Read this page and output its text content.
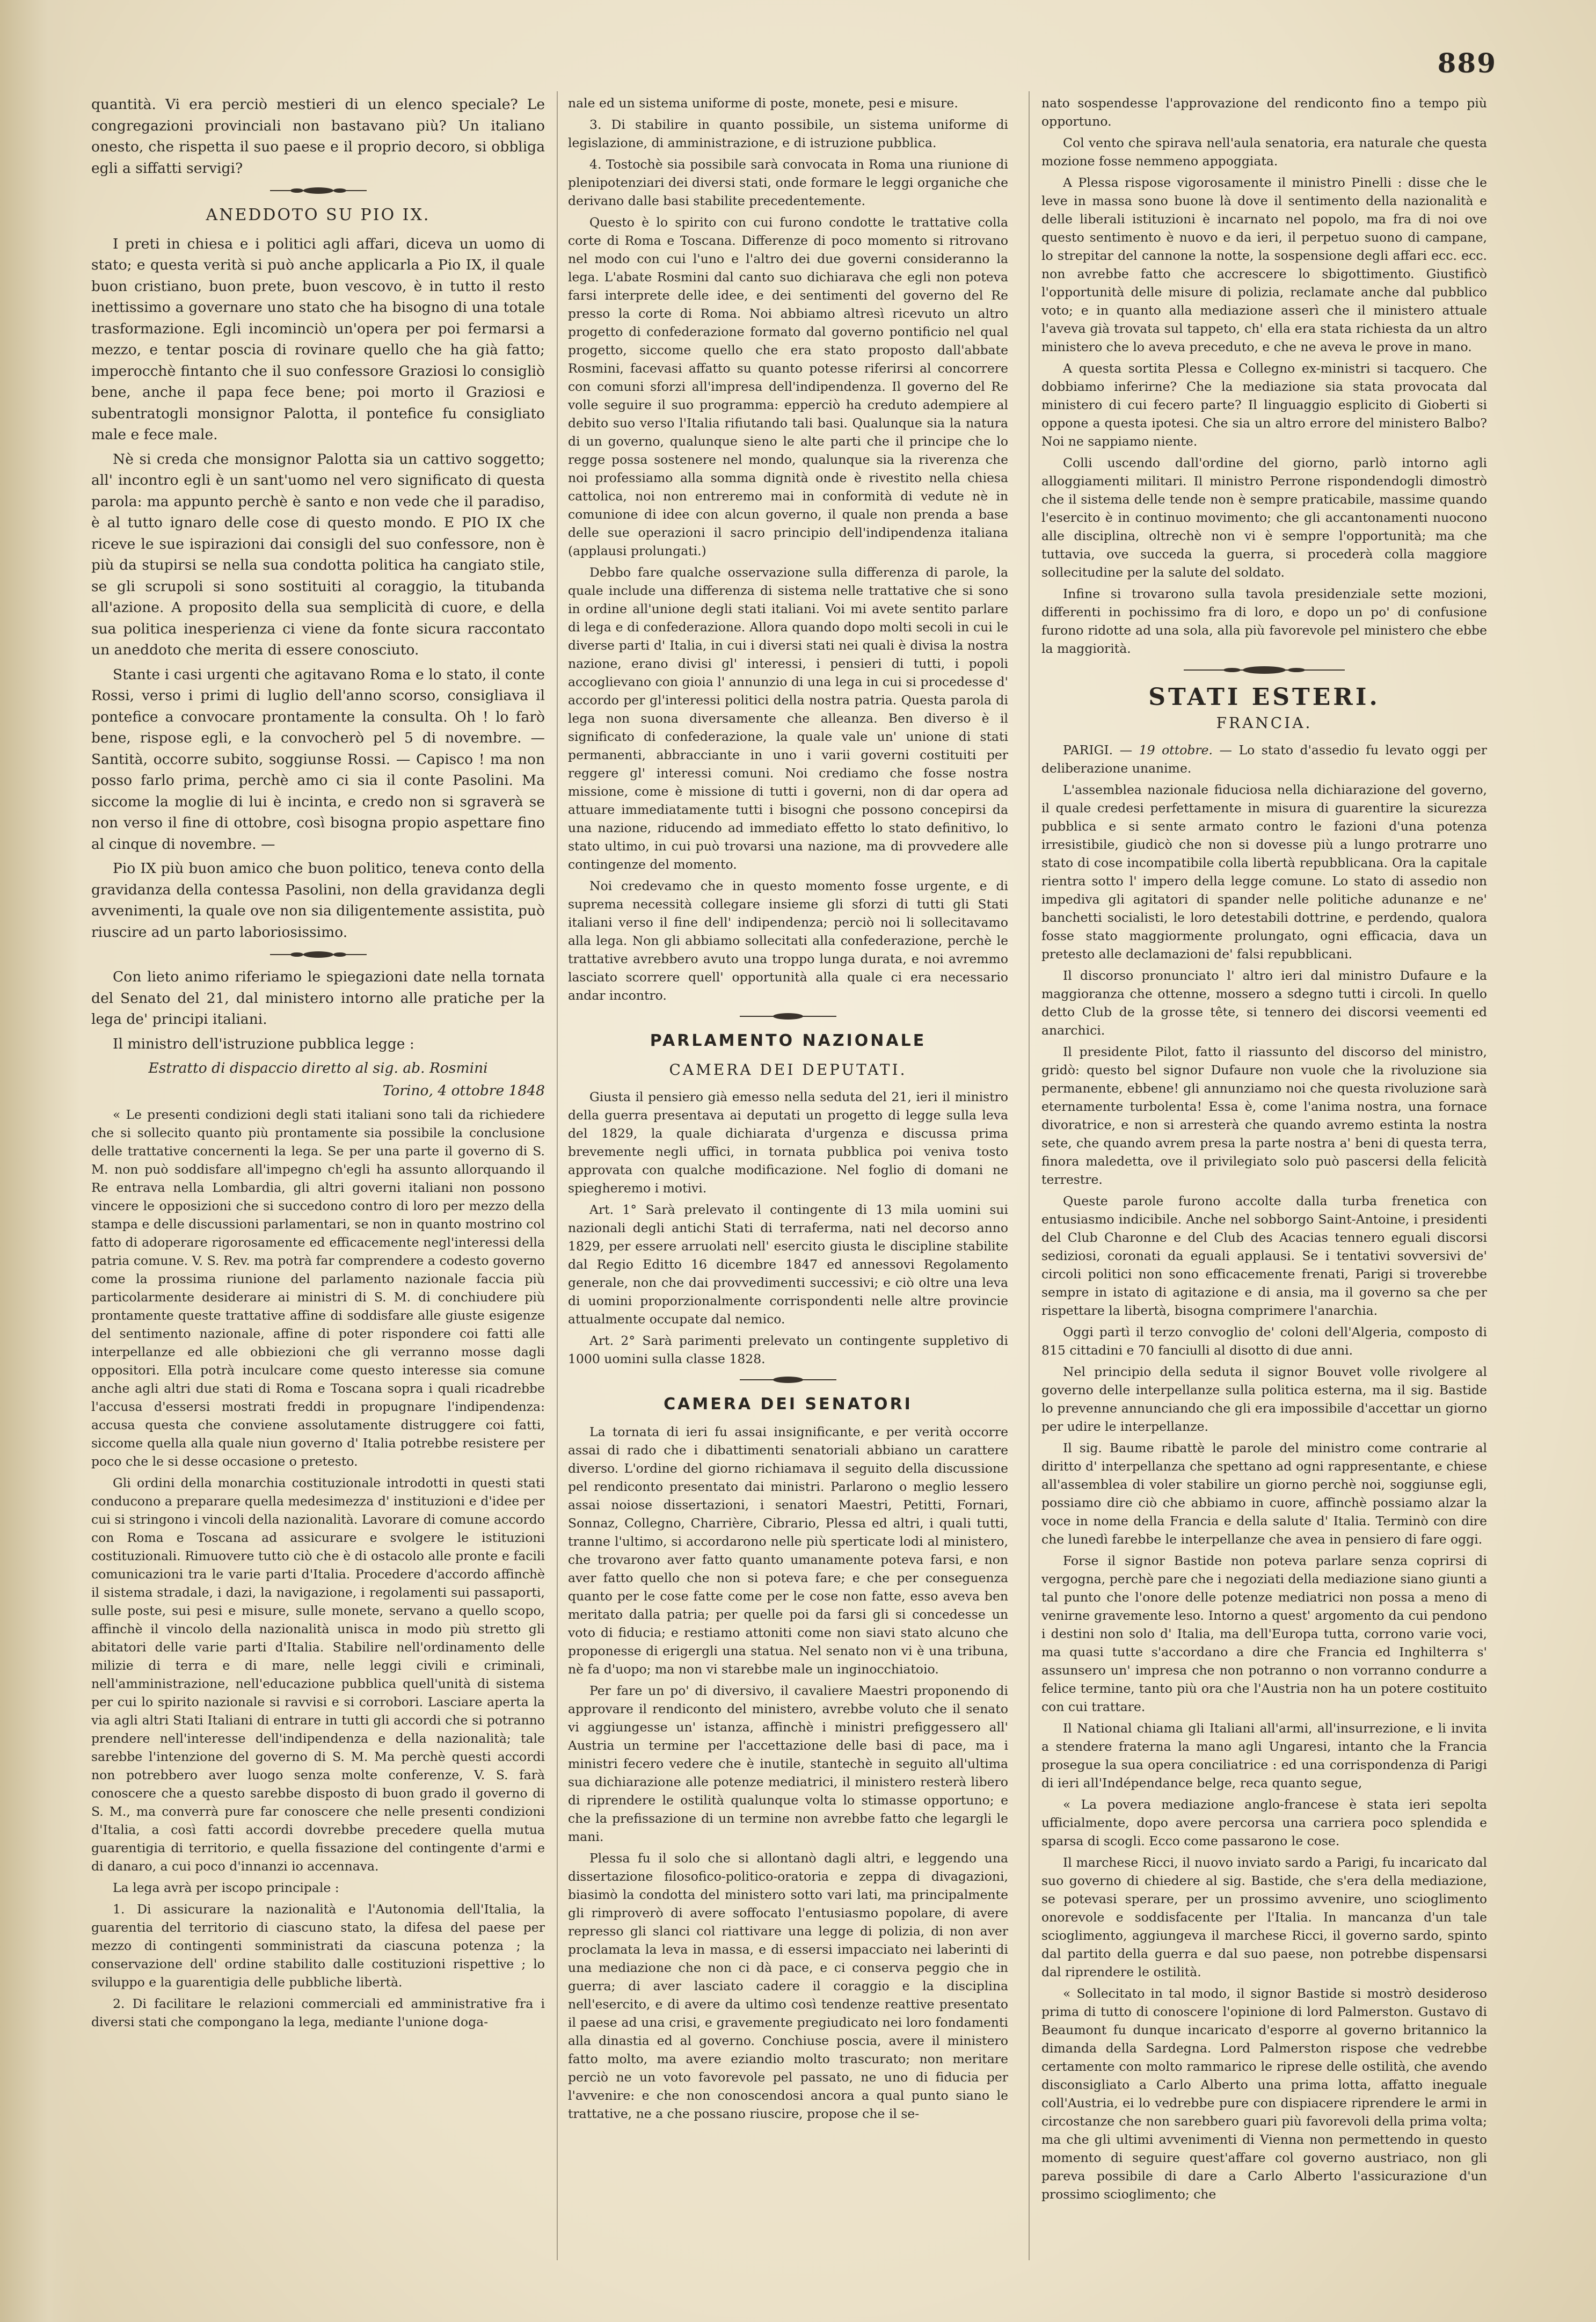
889

quantità. Vi era perciò mestieri di un elenco speciale? Le congregazioni provinciali non bastavano più? Un italiano onesto, che rispetta il suo paese e il proprio decoro, si obbliga egli a siffatti servigi?

ANEDDOTO SU PIO IX.

I preti in chiesa e i politici agli affari, diceva un uomo di stato; e questa verità si può anche applicarla a Pio IX, il quale buon cristiano, buon prete, buon vescovo, è in tutto il resto inettissimo a governare uno stato che ha bisogno di una totale trasformazione. Egli incominciò un'opera per poi fermarsi a mezzo, e tentar poscia di rovinare quello che ha già fatto; imperocchè fintanto che il suo confessore Graziosi lo consigliò bene, anche il papa fece bene; poi morto il Graziosi e subentratogli monsignor Palotta, il pontefice fu consigliato male e fece male.

Nè si creda che monsignor Palotta sia un cattivo soggetto; all' incontro egli è un sant'uomo nel vero significato di questa parola: ma appunto perchè è santo e non vede che il paradiso, è al tutto ignaro delle cose di questo mondo. E PIO IX che riceve le sue ispirazioni dai consigli del suo confessore, non è più da stupirsi se nella sua condotta politica ha cangiato stile, se gli scrupoli si sono sostituiti al coraggio, la titubanda all'azione. A proposito della sua semplicità di cuore, e della sua politica inesperienza ci viene da fonte sicura raccontato un aneddoto che merita di essere conosciuto.

Stante i casi urgenti che agitavano Roma e lo stato, il conte Rossi, verso i primi di luglio dell'anno scorso, consigliava il pontefice a convocare prontamente la consulta. Oh ! lo farò bene, rispose egli, e la convocherò pel 5 di novembre. — Santità, occorre subito, soggiunse Rossi. — Capisco ! ma non posso farlo prima, perchè amo ci sia il conte Pasolini. Ma siccome la moglie di lui è incinta, e credo non si sgraverà se non verso il fine di ottobre, così bisogna propio aspettare fino al cinque di novembre. —

Pio IX più buon amico che buon politico, teneva conto della gravidanza della contessa Pasolini, non della gravidanza degli avvenimenti, la quale ove non sia diligentemente assistita, può riuscire ad un parto laboriosissimo.

Con lieto animo riferiamo le spiegazioni date nella tornata del Senato del 21, dal ministero intorno alle pratiche per la lega de' principi italiani.

Il ministro dell'istruzione pubblica legge :

Estratto di dispaccio diretto al sig. ab. Rosmini
Torino, 4 ottobre 1848

« Le presenti condizioni degli stati italiani sono tali da richiedere che si sollecito quanto più prontamente sia possibile la conclusione delle trattative concernenti la lega. Se per una parte il governo di S. M. non può soddisfare all'impegno ch'egli ha assunto allorquando il Re entrava nella Lombardia, gli altri governi italiani non possono vincere le opposizioni che si succedono contro di loro per mezzo della stampa e delle discussioni parlamentari, se non in quanto mostrino col fatto di adoperare rigorosamente ed efficacemente negl'interessi della patria comune. V. S. Rev. ma potrà far comprendere a codesto governo come la prossima riunione del parlamento nazionale faccia più particolarmente desiderare ai ministri di S. M. di conchiudere più prontamente queste trattative affine di soddisfare alle giuste esigenze del sentimento nazionale, affine di poter rispondere coi fatti alle interpellanze ed alle obbiezioni che gli verranno mosse dagli oppositori. Ella potrà inculcare come questo interesse sia comune anche agli altri due stati di Roma e Toscana sopra i quali ricadrebbe l'accusa d'essersi mostrati freddi in propugnare l'indipendenza: accusa questa che conviene assolutamente distruggere coi fatti, siccome quella alla quale niun governo d' Italia potrebbe resistere per poco che le si desse occasione o pretesto.

Gli ordini della monarchia costituzionale introdotti in questi stati conducono a preparare quella medesimezza d' instituzioni e d'idee per cui si stringono i vincoli della nazionalità. Lavorare di comune accordo con Roma e Toscana ad assicurare e svolgere le istituzioni costituzionali. Rimuovere tutto ciò che è di ostacolo alle pronte e facili comunicazioni tra le varie parti d'Italia. Procedere d'accordo affinchè il sistema stradale, i dazi, la navigazione, i regolamenti sui passaporti, sulle poste, sui pesi e misure, sulle monete, servano a quello scopo, affinchè il vincolo della nazionalità unisca in modo più stretto gli abitatori delle varie parti d'Italia. Stabilire nell'ordinamento delle milizie di terra e di mare, nelle leggi civili e criminali, nell'amministrazione, nell'educazione pubblica quell'unità di sistema per cui lo spirito nazionale si ravvisi e si corrobori. Lasciare aperta la via agli altri Stati Italiani di entrare in tutti gli accordi che si potranno prendere nell'interesse dell'indipendenza e della nazionalità; tale sarebbe l'intenzione del governo di S. M. Ma perchè questi accordi non potrebbero aver luogo senza molte conferenze, V. S. farà conoscere che a questo sarebbe disposto di buon grado il governo di S. M., ma converrà pure far conoscere che nelle presenti condizioni d'Italia, a così fatti accordi dovrebbe precedere quella mutua guarentigia di territorio, e quella fissazione del contingente d'armi e di danaro, a cui poco d'innanzi io accennava.

La lega avrà per iscopo principale :

1. Di assicurare la nazionalità e l'Autonomia dell'Italia, la guarentia del territorio di ciascuno stato, la difesa del paese per mezzo di contingenti somministrati da ciascuna potenza ; la conservazione dell' ordine stabilito dalle costituzioni rispettive ; lo sviluppo e la guarentigia delle pubbliche libertà.

2. Di facilitare le relazioni commerciali ed amministrative fra i diversi stati che compongano la lega, mediante l'unione doga-

nale ed un sistema uniforme di poste, monete, pesi e misure.

3. Di stabilire in quanto possibile, un sistema uniforme di legislazione, di amministrazione, e di istruzione pubblica.

4. Tostochè sia possibile sarà convocata in Roma una riunione di plenipotenziari dei diversi stati, onde formare le leggi organiche che derivano dalle basi stabilite precedentemente.

Questo è lo spirito con cui furono condotte le trattative colla corte di Roma e Toscana. Differenze di poco momento si ritrovano nel modo con cui l'uno e l'altro dei due governi consideranno la lega. L'abate Rosmini dal canto suo dichiarava che egli non poteva farsi interprete delle idee, e dei sentimenti del governo del Re presso la corte di Roma. Noi abbiamo altresì ricevuto un altro progetto di confederazione formato dal governo pontificio nel qual progetto, siccome quello che era stato proposto dall'abbate Rosmini, facevasi affatto su quanto potesse riferirsi al concorrere con comuni sforzi all'impresa dell'indipendenza. Il governo del Re volle seguire il suo programma: epperciò ha creduto adempiere al debito suo verso l'Italia rifiutando tali basi. Qualunque sia la natura di un governo, qualunque sieno le alte parti che il principe che lo regge possa sostenere nel mondo, qualunque sia la riverenza che noi professiamo alla somma dignità onde è rivestito nella chiesa cattolica, noi non entreremo mai in conformità di vedute nè in comunione di idee con alcun governo, il quale non prenda a base delle sue operazioni il sacro principio dell'indipendenza italiana (applausi prolungati.)

Debbo fare qualche osservazione sulla differenza di parole, la quale include una differenza di sistema nelle trattative che si sono in ordine all'unione degli stati italiani. Voi mi avete sentito parlare di lega e di confederazione. Allora quando dopo molti secoli in cui le diverse parti d' Italia, in cui i diversi stati nei quali è divisa la nostra nazione, erano divisi gl' interessi, i pensieri di tutti, i popoli accoglievano con gioia l' annunzio di una lega in cui si procedesse d' accordo per gl'interessi politici della nostra patria. Questa parola di lega non suona diversamente che alleanza. Ben diverso è il significato di confederazione, la quale vale un' unione di stati permanenti, abbracciante in uno i varii governi costituiti per reggere gl' interessi comuni. Noi crediamo che fosse nostra missione, come è missione di tutti i governi, non di dar opera ad attuare immediatamente tutti i bisogni che possono concepirsi da una nazione, riducendo ad immediato effetto lo stato definitivo, lo stato ultimo, in cui può trovarsi una nazione, ma di provvedere alle contingenze del momento.

Noi credevamo che in questo momento fosse urgente, e di suprema necessità collegare insieme gli sforzi di tutti gli Stati italiani verso il fine dell' indipendenza; perciò noi li sollecitavamo alla lega. Non gli abbiamo sollecitati alla confederazione, perchè le trattative avrebbero avuto una troppo lunga durata, e noi avremmo lasciato scorrere quell' opportunità alla quale ci era necessario andar incontro.

PARLAMENTO NAZIONALE
CAMERA DEI DEPUTATI.

Giusta il pensiero già emesso nella seduta del 21, ieri il ministro della guerra presentava ai deputati un progetto di legge sulla leva del 1829, la quale dichiarata d'urgenza e discussa prima brevemente negli uffici, in tornata pubblica poi veniva tosto approvata con qualche modificazione. Nel foglio di domani ne spiegheremo i motivi.

Art. 1° Sarà prelevato il contingente di 13 mila uomini sui nazionali degli antichi Stati di terraferma, nati nel decorso anno 1829, per essere arruolati nell' esercito giusta le discipline stabilite dal Regio Editto 16 dicembre 1847 ed annessovi Regolamento generale, non che dai provvedimenti successivi; e ciò oltre una leva di uomini proporzionalmente corrispondenti nelle altre provincie attualmente occupate dal nemico.

Art. 2° Sarà parimenti prelevato un contingente suppletivo di 1000 uomini sulla classe 1828.

CAMERA DEI SENATORI

La tornata di ieri fu assai insignificante, e per verità occorre assai di rado che i dibattimenti senatoriali abbiano un carattere diverso. L'ordine del giorno richiamava il seguito della discussione pel rendiconto presentato dai ministri. Parlarono o meglio lessero assai noiose dissertazioni, i senatori Maestri, Petitti, Fornari, Sonnaz, Collegno, Charrière, Cibrario, Plessa ed altri, i quali tutti, tranne l'ultimo, si accordarono nelle più sperticate lodi al ministero, che trovarono aver fatto quanto umanamente poteva farsi, e non aver fatto quello che non si poteva fare; e che per conseguenza quanto per le cose fatte come per le cose non fatte, esso aveva ben meritato dalla patria; per quelle poi da farsi gli si concedesse un voto di fiducia; e restiamo attoniti come non siavi stato alcuno che proponesse di erigergli una statua. Nel senato non vi è una tribuna, nè fa d'uopo; ma non vi starebbe male un inginocchiatoio.

Per fare un po' di diversivo, il cavaliere Maestri proponendo di approvare il rendiconto del ministero, avrebbe voluto che il senato vi aggiungesse un' istanza, affinchè i ministri prefiggessero all' Austria un termine per l'accettazione delle basi di pace, ma i ministri fecero vedere che è inutile, stantechè in seguito all'ultima sua dichiarazione alle potenze mediatrici, il ministero resterà libero di riprendere le ostilità qualunque volta lo stimasse opportuno; e che la prefissazione di un termine non avrebbe fatto che legargli le mani.

Plessa fu il solo che si allontanò dagli altri, e leggendo una dissertazione filosofico-politico-oratoria e zeppa di divagazioni, biasimò la condotta del ministero sotto vari lati, ma principalmente gli rimproverò di avere soffocato l'entusiasmo popolare, di avere represso gli slanci col riattivare una legge di polizia, di non aver proclamata la leva in massa, e di essersi impacciato nei laberinti di una mediazione che non ci dà pace, e ci conserva peggio che in guerra; di aver lasciato cadere il coraggio e la disciplina nell'esercito, e di avere da ultimo così tendenze reattive presentato il paese ad una crisi, e gravemente pregiudicato nei loro fondamenti alla dinastia ed al governo. Conchiuse poscia, avere il ministero fatto molto, ma avere eziandio molto trascurato; non meritare perciò ne un voto favorevole pel passato, ne uno di fiducia per l'avvenire: e che non conoscendosi ancora a qual punto siano le trattative, ne a che possano riuscire, propose che il se-

nato sospendesse l'approvazione del rendiconto fino a tempo più opportuno.

Col vento che spirava nell'aula senatoria, era naturale che questa mozione fosse nemmeno appoggiata.

A Plessa rispose vigorosamente il ministro Pinelli : disse che le leve in massa sono buone là dove il sentimento della nazionalità e delle liberali istituzioni è incarnato nel popolo, ma fra di noi ove questo sentimento è nuovo e da ieri, il perpetuo suono di campane, lo strepitar del cannone la notte, la sospensione degli affari ecc. ecc. non avrebbe fatto che accrescere lo sbigottimento. Giustificò l'opportunità delle misure di polizia, reclamate anche dal pubblico voto; e in quanto alla mediazione asserì che il ministero attuale l'aveva già trovata sul tappeto, ch' ella era stata richiesta da un altro ministero che lo aveva preceduto, e che ne aveva le prove in mano.

A questa sortita Plessa e Collegno ex-ministri si tacquero. Che dobbiamo inferirne? Che la mediazione sia stata provocata dal ministero di cui fecero parte? Il linguaggio esplicito di Gioberti si oppone a questa ipotesi. Che sia un altro errore del ministero Balbo? Noi ne sappiamo niente.

Colli uscendo dall'ordine del giorno, parlò intorno agli alloggiamenti militari. Il ministro Perrone rispondendogli dimostrò che il sistema delle tende non è sempre praticabile, massime quando l'esercito è in continuo movimento; che gli accantonamenti nuocono alle disciplina, oltrechè non vi è sempre l'opportunità; ma che tuttavia, ove succeda la guerra, si procederà colla maggiore sollecitudine per la salute del soldato.

Infine si trovarono sulla tavola presidenziale sette mozioni, differenti in pochissimo fra di loro, e dopo un po' di confusione furono ridotte ad una sola, alla più favorevole pel ministero che ebbe la maggiorità.

STATI ESTERI.
FRANCIA.

PARIGI. — 19 ottobre. — Lo stato d'assedio fu levato oggi per deliberazione unanime.

L'assemblea nazionale fiduciosa nella dichiarazione del governo, il quale credesi perfettamente in misura di guarentire la sicurezza pubblica e si sente armato contro le fazioni d'una potenza irresistibile, giudicò che non si dovesse più a lungo protrarre uno stato di cose incompatibile colla libertà repubblicana. Ora la capitale rientra sotto l' impero della legge comune. Lo stato di assedio non impediva gli agitatori di spander nelle politiche adunanze e ne' banchetti socialisti, le loro detestabili dottrine, e perdendo, qualora fosse stato maggiormente prolungato, ogni efficacia, dava un pretesto alle declamazioni de' falsi repubblicani.

Il discorso pronunciato l' altro ieri dal ministro Dufaure e la maggioranza che ottenne, mossero a sdegno tutti i circoli. In quello detto Club de la grosse tête, si tennero dei discorsi veementi ed anarchici.

Il presidente Pilot, fatto il riassunto del discorso del ministro, gridò: questo bel signor Dufaure non vuole che la rivoluzione sia permanente, ebbene! gli annunziamo noi che questa rivoluzione sarà eternamente turbolenta! Essa è, come l'anima nostra, una fornace divoratrice, e non si arresterà che quando avremo estinta la nostra sete, che quando avrem presa la parte nostra a' beni di questa terra, finora maledetta, ove il privilegiato solo può pascersi della felicità terrestre.

Queste parole furono accolte dalla turba frenetica con entusiasmo indicibile. Anche nel sobborgo Saint-Antoine, i presidenti del Club Charonne e del Club des Acacias tennero eguali discorsi sediziosi, coronati da eguali applausi. Se i tentativi sovversivi de' circoli politici non sono efficacemente frenati, Parigi si troverebbe sempre in istato di agitazione e di ansia, ma il governo sa che per rispettare la libertà, bisogna comprimere l'anarchia.

Oggi partì il terzo convoglio de' coloni dell'Algeria, composto di 815 cittadini e 70 fanciulli al disotto di due anni.

Nel principio della seduta il signor Bouvet volle rivolgere al governo delle interpellanze sulla politica esterna, ma il sig. Bastide lo prevenne annunciando che gli era impossibile d'accettar un giorno per udire le interpellanze.

Il sig. Baume ribattè le parole del ministro come contrarie al diritto d' interpellanza che spettano ad ogni rappresentante, e chiese all'assemblea di voler stabilire un giorno perchè noi, soggiunse egli, possiamo dire ciò che abbiamo in cuore, affinchè possiamo alzar la voce in nome della Francia e della salute d' Italia. Terminò con dire che lunedì farebbe le interpellanze che avea in pensiero di fare oggi.

Forse il signor Bastide non poteva parlare senza coprirsi di vergogna, perchè pare che i negoziati della mediazione siano giunti a tal punto che l'onore delle potenze mediatrici non possa a meno di venirne gravemente leso. Intorno a quest' argomento da cui pendono i destini non solo d' Italia, ma dell'Europa tutta, corrono varie voci, ma quasi tutte s'accordano a dire che Francia ed Inghilterra s' assunsero un' impresa che non potranno o non vorranno condurre a felice termine, tanto più ora che l'Austria non ha un potere costituito con cui trattare.

Il National chiama gli Italiani all'armi, all'insurrezione, e li invita a stendere fraterna la mano agli Ungaresi, intanto che la Francia prosegue la sua opera conciliatrice : ed una corrispondenza di Parigi di ieri all'Indépendance belge, reca quanto segue,

« La povera mediazione anglo-francese è stata ieri sepolta ufficialmente, dopo avere percorsa una carriera poco splendida e sparsa di scogli. Ecco come passarono le cose.

Il marchese Ricci, il nuovo inviato sardo a Parigi, fu incaricato dal suo governo di chiedere al sig. Bastide, che s'era della mediazione, se potevasi sperare, per un prossimo avvenire, uno scioglimento onorevole e soddisfacente per l'Italia. In mancanza d'un tale scioglimento, aggiungeva il marchese Ricci, il governo sardo, spinto dal partito della guerra e dal suo paese, non potrebbe dispensarsi dal riprendere le ostilità.

« Sollecitato in tal modo, il signor Bastide si mostrò desideroso prima di tutto di conoscere l'opinione di lord Palmerston. Gustavo di Beaumont fu dunque incaricato d'esporre al governo britannico la dimanda della Sardegna. Lord Palmerston rispose che vedrebbe certamente con molto rammarico le riprese delle ostilità, che avendo disconsigliato a Carlo Alberto una prima lotta, affatto ineguale coll'Austria, ei lo vedrebbe pure con dispiacere riprendere le armi in circostanze che non sarebbero guari più favorevoli della prima volta; ma che gli ultimi avvenimenti di Vienna non permettendo in questo momento di seguire quest'affare col governo austriaco, non gli pareva possibile di dare a Carlo Alberto l'assicurazione d'un prossimo scioglimento; che
